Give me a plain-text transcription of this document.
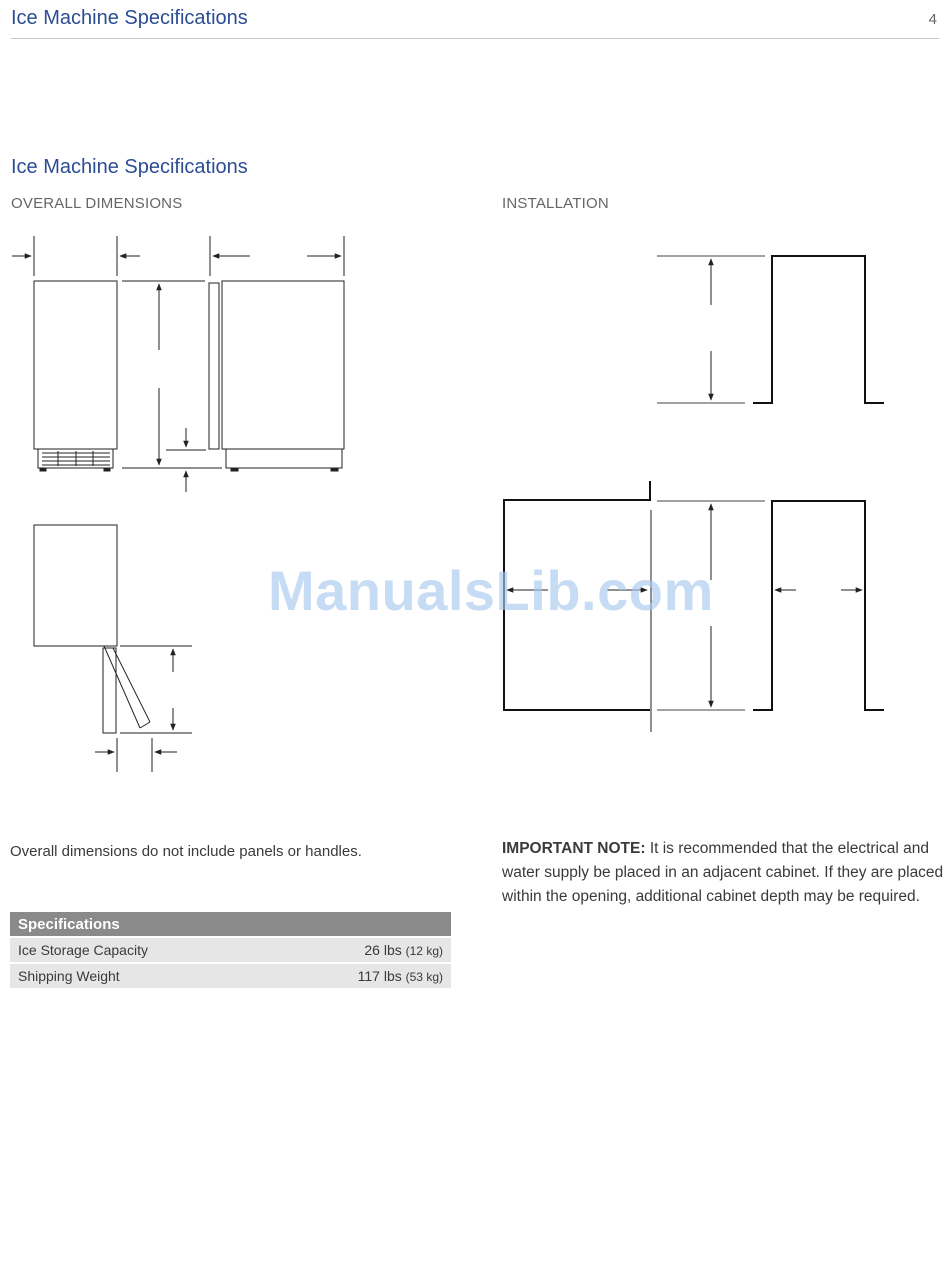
Ice Machine Specifications	4
Ice Machine Specifications
OVERALL DIMENSIONS	INSTALLATION
ManualsLib.com
Overall dimensions do not include panels or handles.	IMPORTANT NOTE: It is recommended that the electrical and water supply be placed in an adjacent cabinet. If they are placed within the opening, additional cabinet depth may be required.
Specifications	
Ice Storage Capacity	26 lbs (12 kg)
Shipping Weight	117 lbs (53 kg)
